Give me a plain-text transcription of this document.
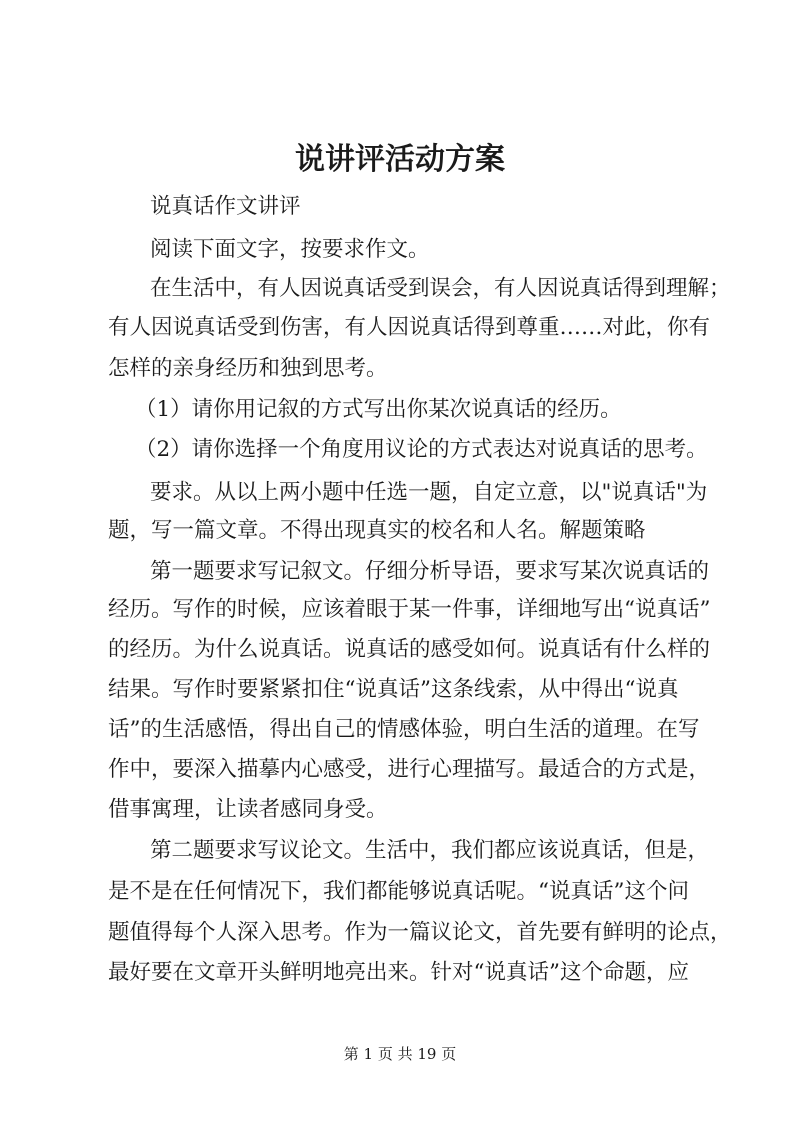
说讲评活动方案
说真话作文讲评
阅读下面文字，按要求作文。
在生活中，有人因说真话受到误会，有人因说真话得到理解；
有人因说真话受到伤害，有人因说真话得到尊重……对此，你有
怎样的亲身经历和独到思考。
（1）请你用记叙的方式写出你某次说真话的经历。
（2）请你选择一个角度用议论的方式表达对说真话的思考。
要求。从以上两小题中任选一题，自定立意，以"说真话"为
题，写一篇文章。不得出现真实的校名和人名。解题策略
第一题要求写记叙文。仔细分析导语，要求写某次说真话的
经历。写作的时候，应该着眼于某一件事，详细地写出“说真话”
的经历。为什么说真话。说真话的感受如何。说真话有什么样的
结果。写作时要紧紧扣住“说真话”这条线索，从中得出“说真
话”的生活感悟，得出自己的情感体验，明白生活的道理。在写
作中，要深入描摹内心感受，进行心理描写。最适合的方式是，
借事寓理，让读者感同身受。
第二题要求写议论文。生活中，我们都应该说真话，但是，
是不是在任何情况下，我们都能够说真话呢。“说真话”这个问
题值得每个人深入思考。作为一篇议论文，首先要有鲜明的论点，
最好要在文章开头鲜明地亮出来。针对“说真话”这个命题，应
第 1 页 共 19 页
